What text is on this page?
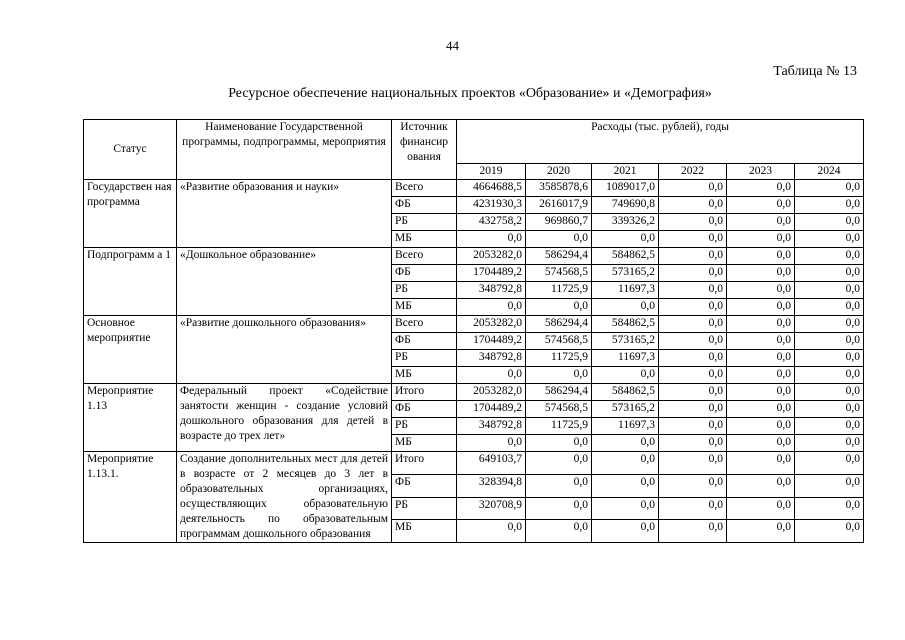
44
Таблица № 13
Ресурсное обеспечение национальных проектов «Образование» и «Демография»
Статус	Наименование Государственной программы, подпрограммы, мероприятия	Источник финансир ования	Расходы (тыс. рублей), годы					
			2019	2020	2021	2022	2023	2024
Государствен ная программа	«Развитие образования и науки»	Всего	4664688,5	3585878,6	1089017,0	0,0	0,0	0,0
		ФБ	4231930,3	2616017,9	749690,8	0,0	0,0	0,0
		РБ	432758,2	969860,7	339326,2	0,0	0,0	0,0
		МБ	0,0	0,0	0,0	0,0	0,0	0,0
Подпрограмм а 1	«Дошкольное образование»	Всего	2053282,0	586294,4	584862,5	0,0	0,0	0,0
		ФБ	1704489,2	574568,5	573165,2	0,0	0,0	0,0
		РБ	348792,8	11725,9	11697,3	0,0	0,0	0,0
		МБ	0,0	0,0	0,0	0,0	0,0	0,0
Основное мероприятие	«Развитие дошкольного образования»	Всего	2053282,0	586294,4	584862,5	0,0	0,0	0,0
		ФБ	1704489,2	574568,5	573165,2	0,0	0,0	0,0
		РБ	348792,8	11725,9	11697,3	0,0	0,0	0,0
		МБ	0,0	0,0	0,0	0,0	0,0	0,0
Мероприятие 1.13	Федеральный проект «Содействие занятости женщин - создание условий дошкольного образования для детей в возрасте до трех лет»	Итого	2053282,0	586294,4	584862,5	0,0	0,0	0,0
		ФБ	1704489,2	574568,5	573165,2	0,0	0,0	0,0
		РБ	348792,8	11725,9	11697,3	0,0	0,0	0,0
		МБ	0,0	0,0	0,0	0,0	0,0	0,0
Мероприятие 1.13.1.	Создание дополнительных мест для детей в возрасте от 2 месяцев до 3 лет в образовательных организациях, осуществляющих образовательную деятельность по образовательным программам дошкольного образования	Итого	649103,7	0,0	0,0	0,0	0,0	0,0
		ФБ	328394,8	0,0	0,0	0,0	0,0	0,0
		РБ	320708,9	0,0	0,0	0,0	0,0	0,0
		МБ	0,0	0,0	0,0	0,0	0,0	0,0
